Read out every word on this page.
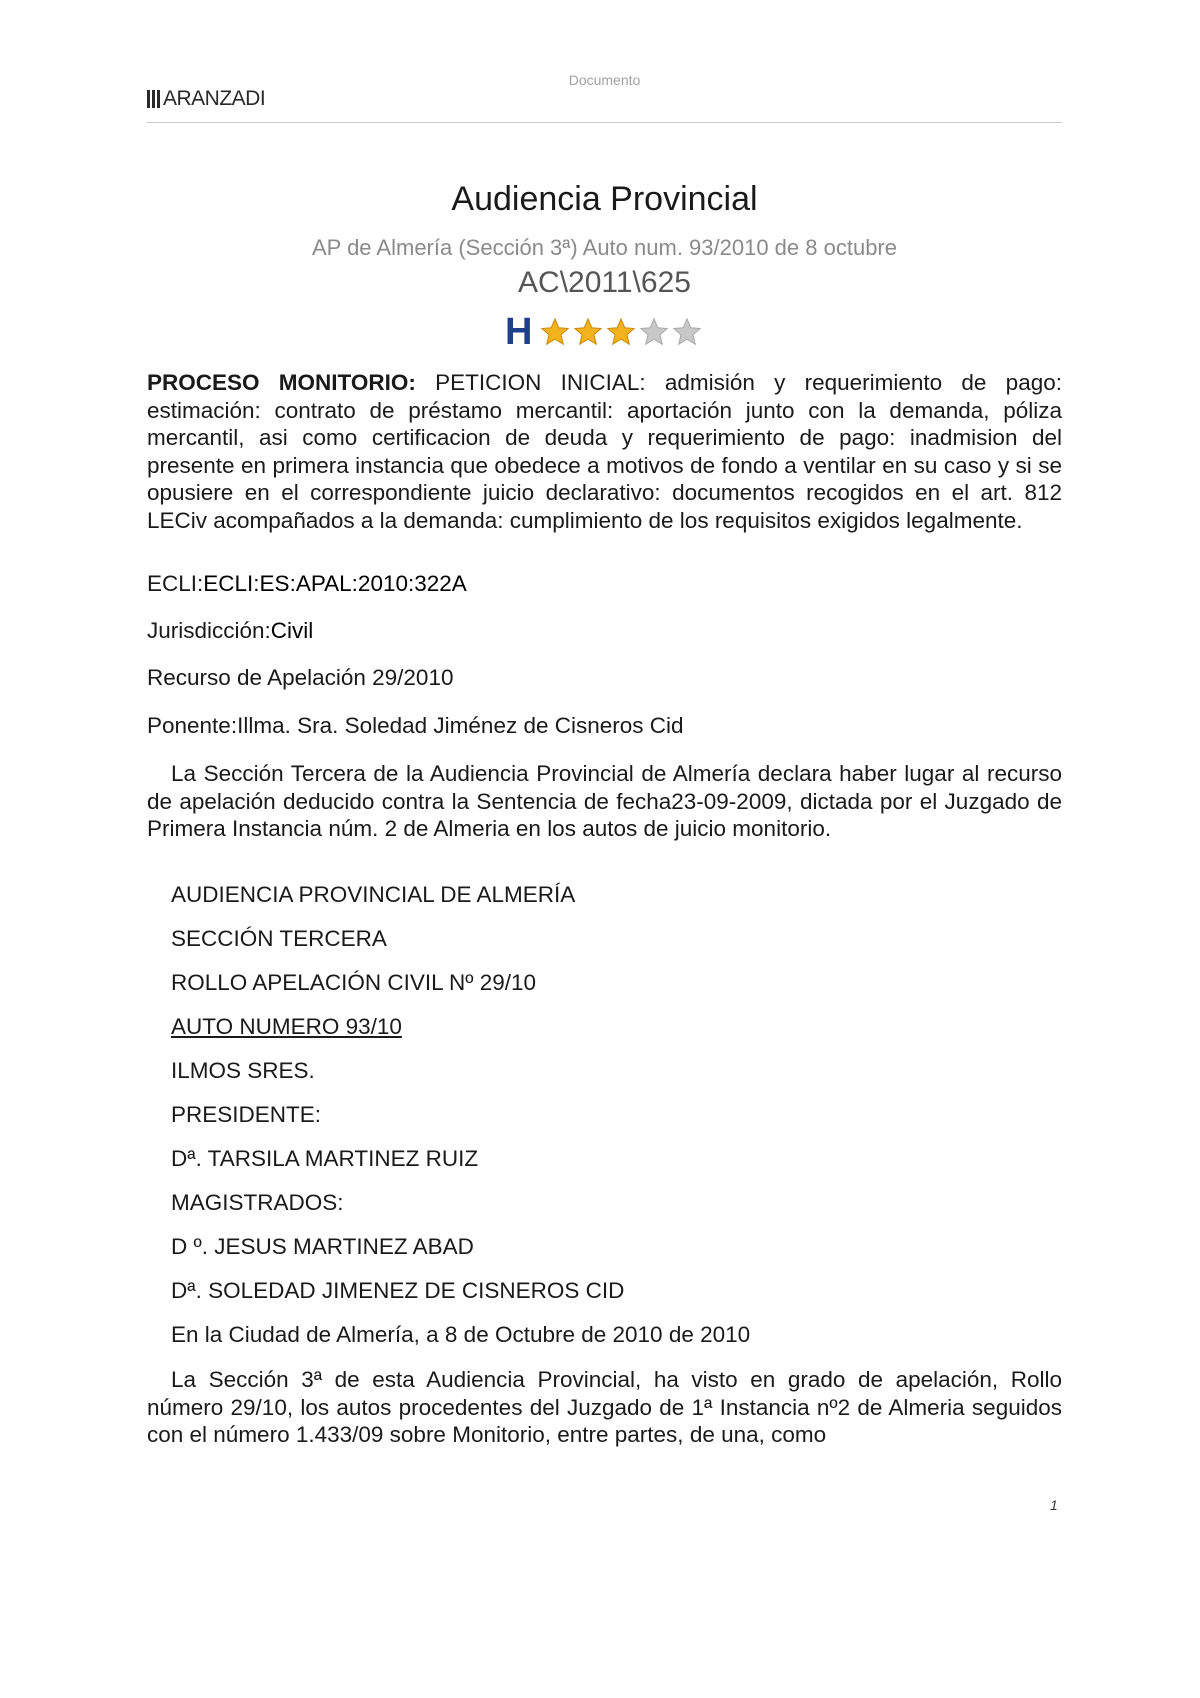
ARANZADI
Documento
Audiencia Provincial
AP de Almería (Sección 3ª) Auto num. 93/2010 de 8 octubre
AC\2011\625
H
PROCESO MONITORIO: PETICION INICIAL: admisión y requerimiento de pago: estimación: contrato de préstamo mercantil: aportación junto con la demanda, póliza mercantil, asi como certificacion de deuda y requerimiento de pago: inadmision del presente en primera instancia que obedece a motivos de fondo a ventilar en su caso y si se opusiere en el correspondiente juicio declarativo: documentos recogidos en el art. 812 LECiv acompañados a la demanda: cumplimiento de los requisitos exigidos legalmente.
ECLI:ECLI:ES:APAL:2010:322A
Jurisdicción:Civil
Recurso de Apelación 29/2010
Ponente:Illma. Sra. Soledad Jiménez de Cisneros Cid
La Sección Tercera de la Audiencia Provincial de Almería declara haber lugar al recurso de apelación deducido contra la Sentencia de fecha23-09-2009, dictada por el Juzgado de Primera Instancia núm. 2 de Almeria en los autos de juicio monitorio.
AUDIENCIA PROVINCIAL DE ALMERÍA
SECCIÓN TERCERA
ROLLO APELACIÓN CIVIL Nº 29/10
AUTO NUMERO 93/10
ILMOS SRES.
PRESIDENTE:
Dª. TARSILA MARTINEZ RUIZ
MAGISTRADOS:
D º. JESUS MARTINEZ ABAD
Dª. SOLEDAD JIMENEZ DE CISNEROS CID
En la Ciudad de Almería, a 8 de Octubre de 2010 de 2010
La Sección 3ª de esta Audiencia Provincial, ha visto en grado de apelación, Rollo número 29/10, los autos procedentes del Juzgado de 1ª Instancia nº2 de Almeria seguidos con el número 1.433/09 sobre Monitorio, entre partes, de una, como
1
